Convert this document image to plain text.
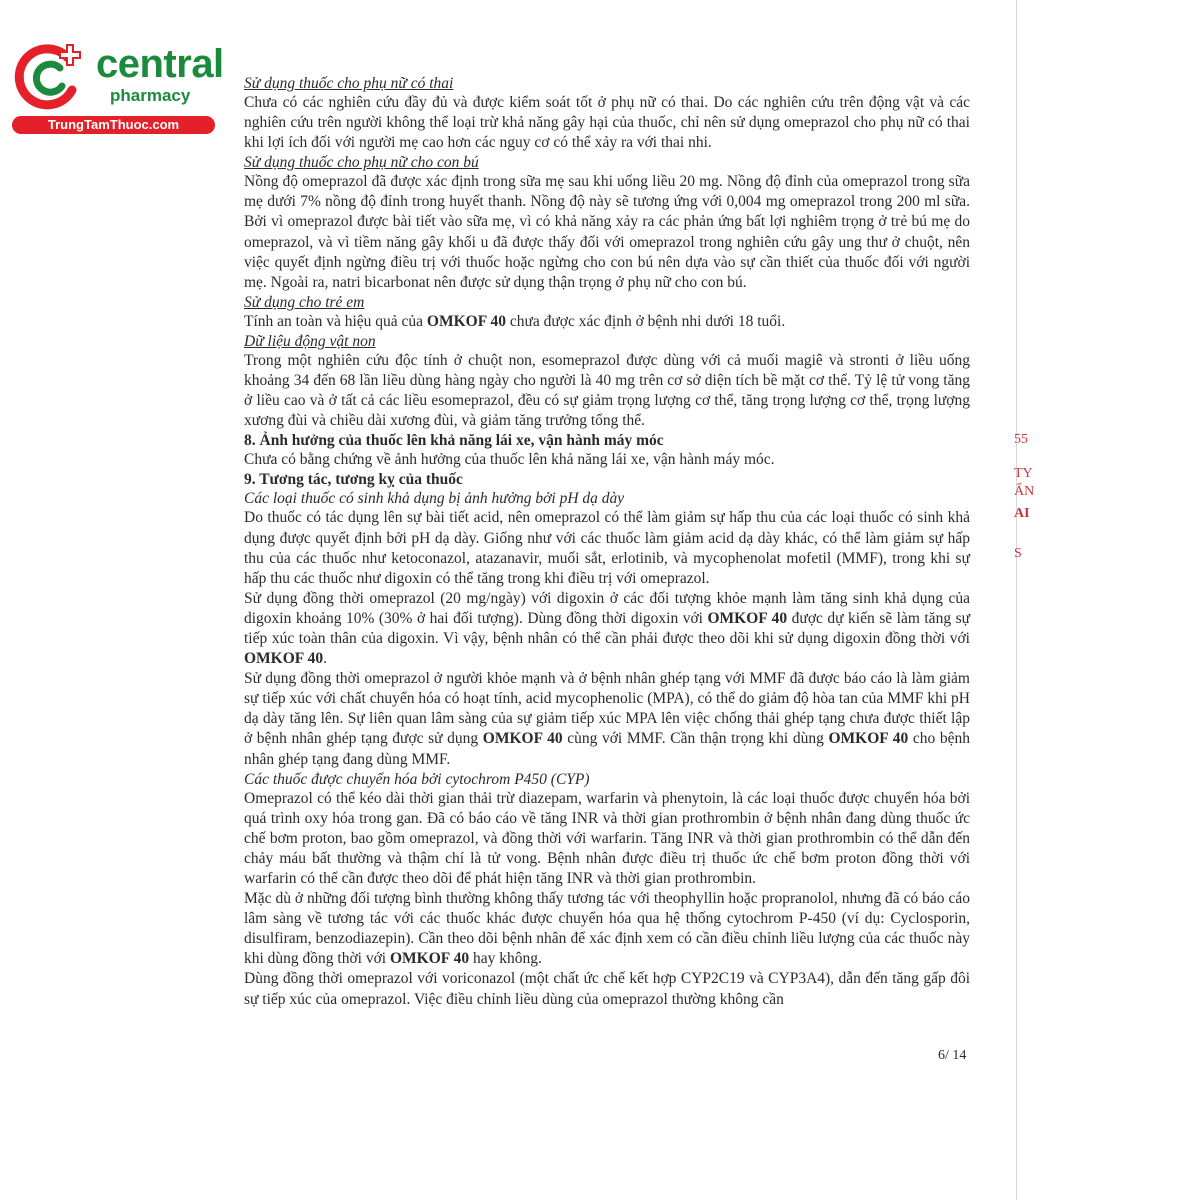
central
pharmacy
TrungTamThuoc.com
55
TY
ẤN
AI
S

Sử dụng thuốc cho phụ nữ có thai

Chưa có các nghiên cứu đầy đủ và được kiểm soát tốt ở phụ nữ có thai. Do các nghiên cứu trên động vật và các nghiên cứu trên người không thể loại trừ khả năng gây hại của thuốc, chỉ nên sử dụng omeprazol cho phụ nữ có thai khi lợi ích đối với người mẹ cao hơn các nguy cơ có thể xảy ra với thai nhi.

Sử dụng thuốc cho phụ nữ cho con bú

Nồng độ omeprazol đã được xác định trong sữa mẹ sau khi uống liều 20 mg. Nồng độ đỉnh của omeprazol trong sữa mẹ dưới 7% nồng độ đỉnh trong huyết thanh. Nồng độ này sẽ tương ứng với 0,004 mg omeprazol trong 200 ml sữa. Bởi vì omeprazol được bài tiết vào sữa mẹ, vì có khả năng xảy ra các phản ứng bất lợi nghiêm trọng ở trẻ bú mẹ do omeprazol, và vì tiềm năng gây khối u đã được thấy đối với omeprazol trong nghiên cứu gây ung thư ở chuột, nên việc quyết định ngừng điều trị với thuốc hoặc ngừng cho con bú nên dựa vào sự cần thiết của thuốc đối với người mẹ. Ngoài ra, natri bicarbonat nên được sử dụng thận trọng ở phụ nữ cho con bú.

Sử dụng cho trẻ em

Tính an toàn và hiệu quả của OMKOF 40 chưa được xác định ở bệnh nhi dưới 18 tuổi.

Dữ liệu động vật non

Trong một nghiên cứu độc tính ở chuột non, esomeprazol được dùng với cả muối magiê và stronti ở liều uống khoảng 34 đến 68 lần liều dùng hàng ngày cho người là 40 mg trên cơ sở diện tích bề mặt cơ thể. Tỷ lệ tử vong tăng ở liều cao và ở tất cả các liều esomeprazol, đều có sự giảm trọng lượng cơ thể, tăng trọng lượng cơ thể, trọng lượng xương đùi và chiều dài xương đùi, và giảm tăng trưởng tổng thể.

8. Ảnh hưởng của thuốc lên khả năng lái xe, vận hành máy móc

Chưa có bằng chứng về ảnh hưởng của thuốc lên khả năng lái xe, vận hành máy móc.

9. Tương tác, tương kỵ của thuốc

Các loại thuốc có sinh khả dụng bị ảnh hưởng bởi pH dạ dày

Do thuốc có tác dụng lên sự bài tiết acid, nên omeprazol có thể làm giảm sự hấp thu của các loại thuốc có sinh khả dụng được quyết định bởi pH dạ dày. Giống như với các thuốc làm giảm acid dạ dày khác, có thể làm giảm sự hấp thu của các thuốc như ketoconazol, atazanavir, muối sắt, erlotinib, và mycophenolat mofetil (MMF), trong khi sự hấp thu các thuốc như digoxin có thể tăng trong khi điều trị với omeprazol.

Sử dụng đồng thời omeprazol (20 mg/ngày) với digoxin ở các đối tượng khỏe mạnh làm tăng sinh khả dụng của digoxin khoảng 10% (30% ở hai đối tượng). Dùng đồng thời digoxin với OMKOF 40 được dự kiến sẽ làm tăng sự tiếp xúc toàn thân của digoxin. Vì vậy, bệnh nhân có thể cần phải được theo dõi khi sử dụng digoxin đồng thời với OMKOF 40.

Sử dụng đồng thời omeprazol ở người khỏe mạnh và ở bệnh nhân ghép tạng với MMF đã được báo cáo là làm giảm sự tiếp xúc với chất chuyển hóa có hoạt tính, acid mycophenolic (MPA), có thể do giảm độ hòa tan của MMF khi pH dạ dày tăng lên. Sự liên quan lâm sàng của sự giảm tiếp xúc MPA lên việc chống thải ghép tạng chưa được thiết lập ở bệnh nhân ghép tạng được sử dụng OMKOF 40 cùng với MMF. Cần thận trọng khi dùng OMKOF 40 cho bệnh nhân ghép tạng đang dùng MMF.

Các thuốc được chuyển hóa bởi cytochrom P450 (CYP)

Omeprazol có thể kéo dài thời gian thải trừ diazepam, warfarin và phenytoin, là các loại thuốc được chuyển hóa bởi quá trình oxy hóa trong gan. Đã có báo cáo về tăng INR và thời gian prothrombin ở bệnh nhân đang dùng thuốc ức chế bơm proton, bao gồm omeprazol, và đồng thời với warfarin. Tăng INR và thời gian prothrombin có thể dẫn đến chảy máu bất thường và thậm chí là tử vong. Bệnh nhân được điều trị thuốc ức chế bơm proton đồng thời với warfarin có thể cần được theo dõi để phát hiện tăng INR và thời gian prothrombin.

Mặc dù ở những đối tượng bình thường không thấy tương tác với theophyllin hoặc propranolol, nhưng đã có báo cáo lâm sàng về tương tác với các thuốc khác được chuyển hóa qua hệ thống cytochrom P-450 (ví dụ: Cyclosporin, disulfiram, benzodiazepin). Cần theo dõi bệnh nhân để xác định xem có cần điều chỉnh liều lượng của các thuốc này khi dùng đồng thời với OMKOF 40 hay không.

Dùng đồng thời omeprazol với voriconazol (một chất ức chế kết hợp CYP2C19 và CYP3A4), dẫn đến tăng gấp đôi sự tiếp xúc của omeprazol. Việc điều chỉnh liều dùng của omeprazol thường không cần

6/ 14
